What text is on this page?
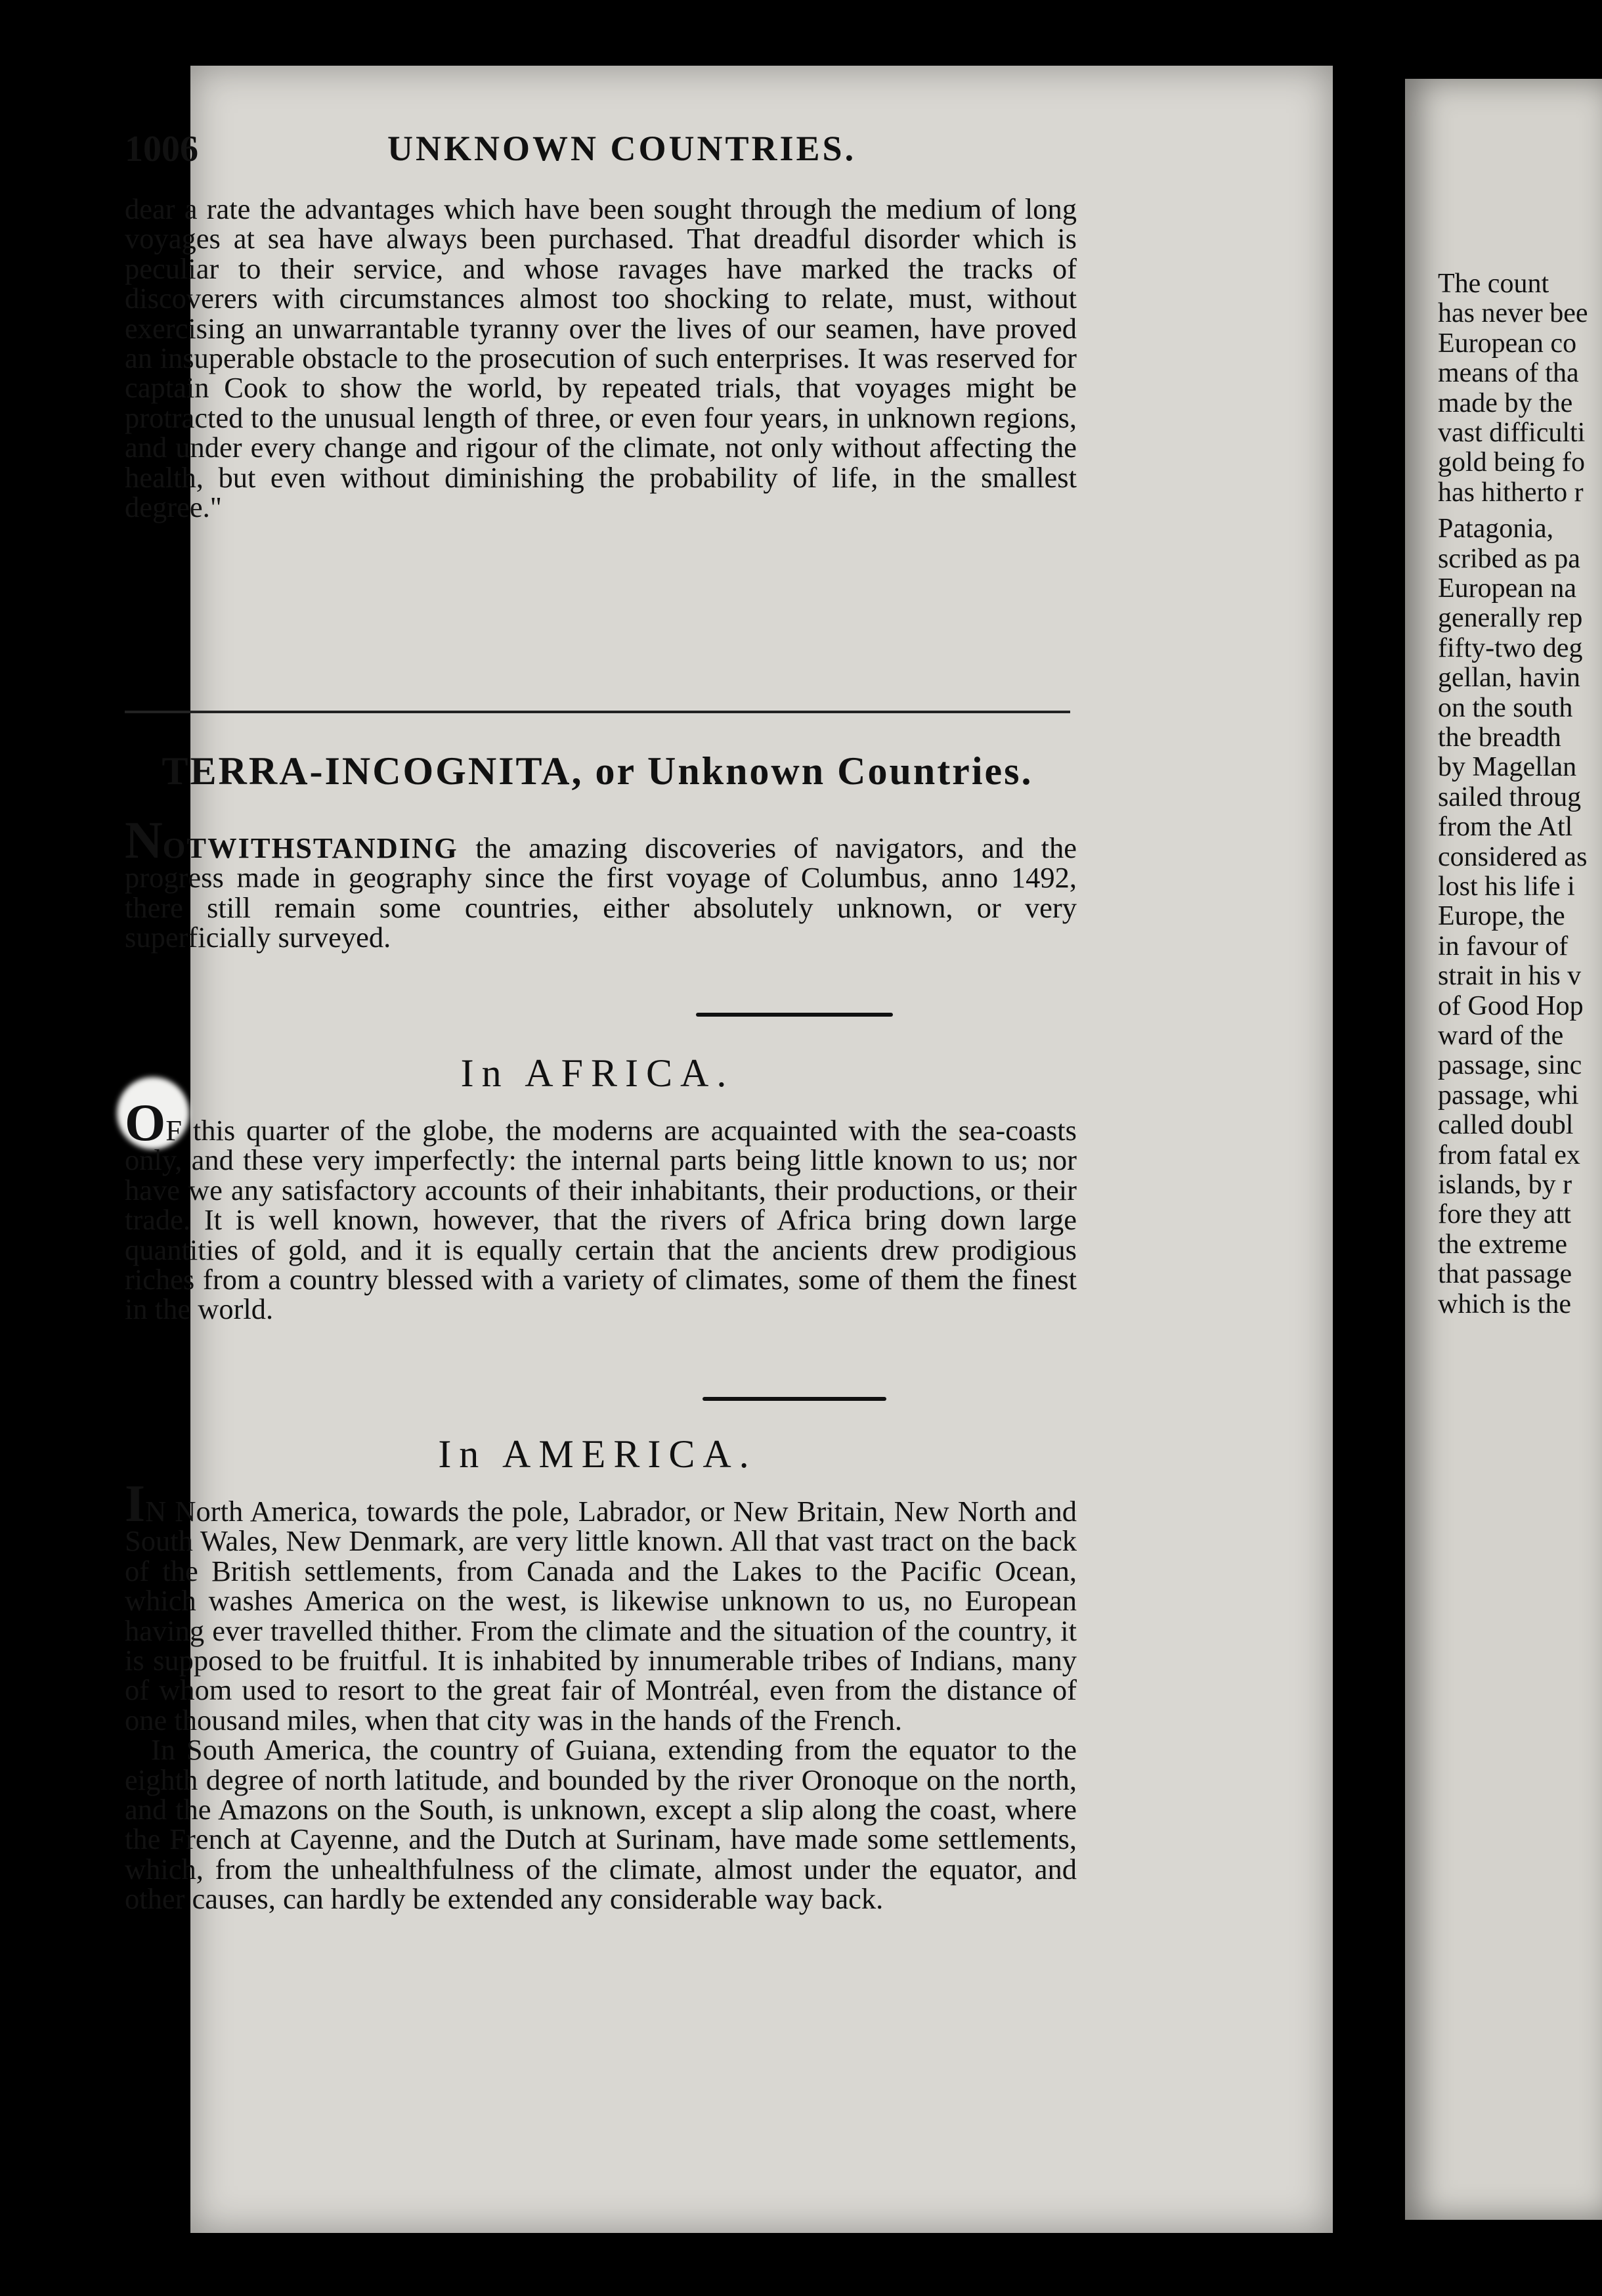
1006	UNKNOWN COUNTRIES.

dear a rate the advantages which have been sought through the medium of long voyages at sea have always been purchased. That dreadful disorder which is peculiar to their service, and whose ravages have marked the tracks of discoverers with circumstances almost too shocking to relate, must, without exercising an unwarrantable tyranny over the lives of our seamen, have proved an insuperable obstacle to the prosecution of such enterprises. It was reserved for captain Cook to show the world, by repeated trials, that voyages might be protracted to the unusual length of three, or even four years, in unknown regions, and under every change and rigour of the climate, not only without affecting the health, but even without diminishing the probability of life, in the smallest degree."

TERRA-INCOGNITA, or Unknown Countries.

NOTWITHSTANDING the amazing discoveries of navigators, and the progress made in geography since the first voyage of Columbus, anno 1492, there still remain some countries, either absolutely unknown, or very superficially surveyed.

In AFRICA.

OF this quarter of the globe, the moderns are acquainted with the sea-coasts only, and these very imperfectly: the internal parts being little known to us; nor have we any satisfactory accounts of their inhabitants, their productions, or their trade. It is well known, however, that the rivers of Africa bring down large quantities of gold, and it is equally certain that the ancients drew prodigious riches from a country blessed with a variety of climates, some of them the finest in the world.

In AMERICA.

IN North America, towards the pole, Labrador, or New Britain, New North and South Wales, New Denmark, are very little known. All that vast tract on the back of the British settlements, from Canada and the Lakes to the Pacific Ocean, which washes America on the west, is likewise unknown to us, no European having ever travelled thither. From the climate and the situation of the country, it is supposed to be fruitful. It is inhabited by innumerable tribes of Indians, many of whom used to resort to the great fair of Montréal, even from the distance of one thousand miles, when that city was in the hands of the French.

In South America, the country of Guiana, extending from the equator to the eighth degree of north latitude, and bounded by the river Oronoque on the north, and the Amazons on the South, is unknown, except a slip along the coast, where the French at Cayenne, and the Dutch at Surinam, have made some settlements, which, from the unhealthfulness of the climate, almost under the equator, and other causes, can hardly be extended any considerable way back.

The count
has never bee
European co
means of tha
made by the
vast difficulti
gold being fo
has hitherto r
Patagonia,
scribed as pa
European na
generally rep
fifty-two deg
gellan, havin
on the south
the breadth
by Magellan
sailed throug
from the Atl
considered as
lost his life i
Europe, the
in favour of
strait in his v
of Good Hop
ward of the
passage, sinc
passage, whi
called doubl
from fatal ex
islands, by r
fore they att
the extreme
that passage
which is the
